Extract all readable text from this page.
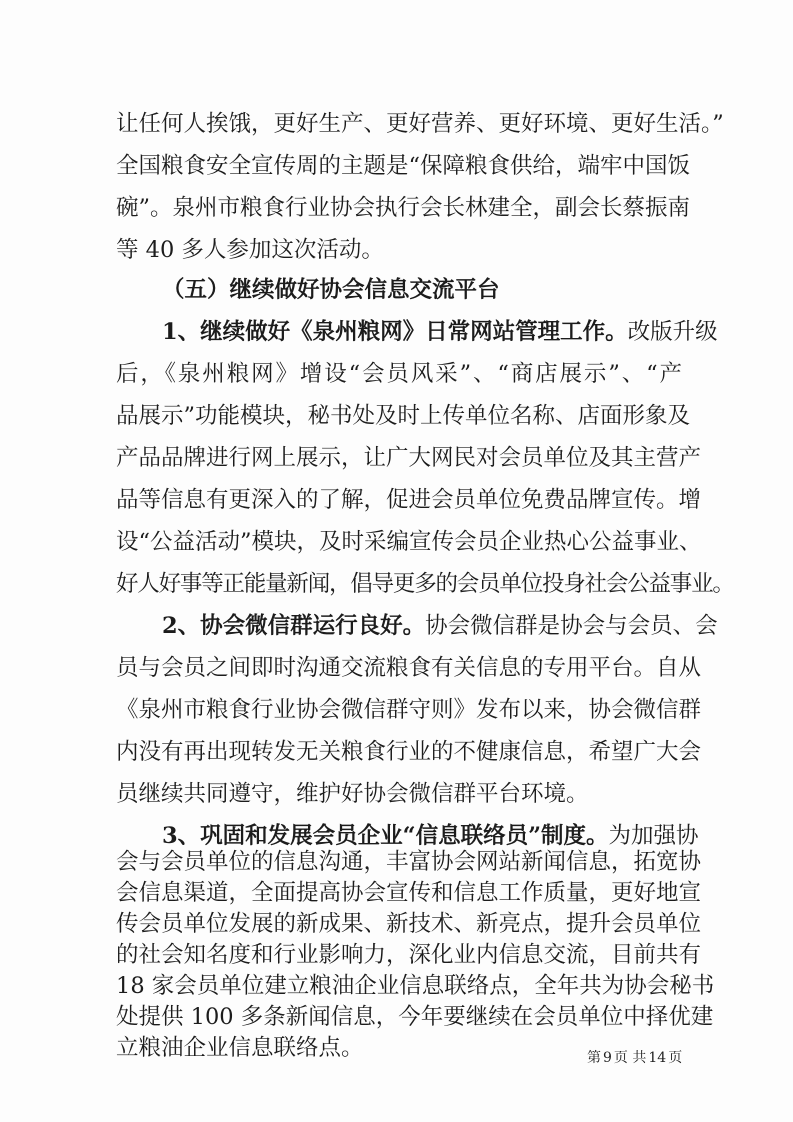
让任何人挨饿，更好生产、更好营养、更好环境、更好生活。”
全国粮食安全宣传周的主题是“保障粮食供给，端牢中国饭
碗”。泉州市粮食行业协会执行会长林建全，副会长蔡振南
等 40 多人参加这次活动。
（五）继续做好协会信息交流平台
1、继续做好《泉州粮网》日常网站管理工作。改版升级
后，《泉州粮网》增设“会员风采”、“商店展示”、“产
品展示”功能模块，秘书处及时上传单位名称、店面形象及
产品品牌进行网上展示，让广大网民对会员单位及其主营产
品等信息有更深入的了解，促进会员单位免费品牌宣传。增
设“公益活动”模块，及时采编宣传会员企业热心公益事业、
好人好事等正能量新闻，倡导更多的会员单位投身社会公益事业。
2、协会微信群运行良好。协会微信群是协会与会员、会
员与会员之间即时沟通交流粮食有关信息的专用平台。自从
《泉州市粮食行业协会微信群守则》发布以来，协会微信群
内没有再出现转发无关粮食行业的不健康信息，希望广大会
员继续共同遵守，维护好协会微信群平台环境。
3、巩固和发展会员企业“信息联络员”制度。为加强协
第 9 页 共 14 页
会与会员单位的信息沟通，丰富协会网站新闻信息，拓宽协
会信息渠道，全面提高协会宣传和信息工作质量，更好地宣
传会员单位发展的新成果、新技术、新亮点，提升会员单位
的社会知名度和行业影响力，深化业内信息交流，目前共有
18 家会员单位建立粮油企业信息联络点，全年共为协会秘书
处提供 100 多条新闻信息，今年要继续在会员单位中择优建
立粮油企业信息联络点。
